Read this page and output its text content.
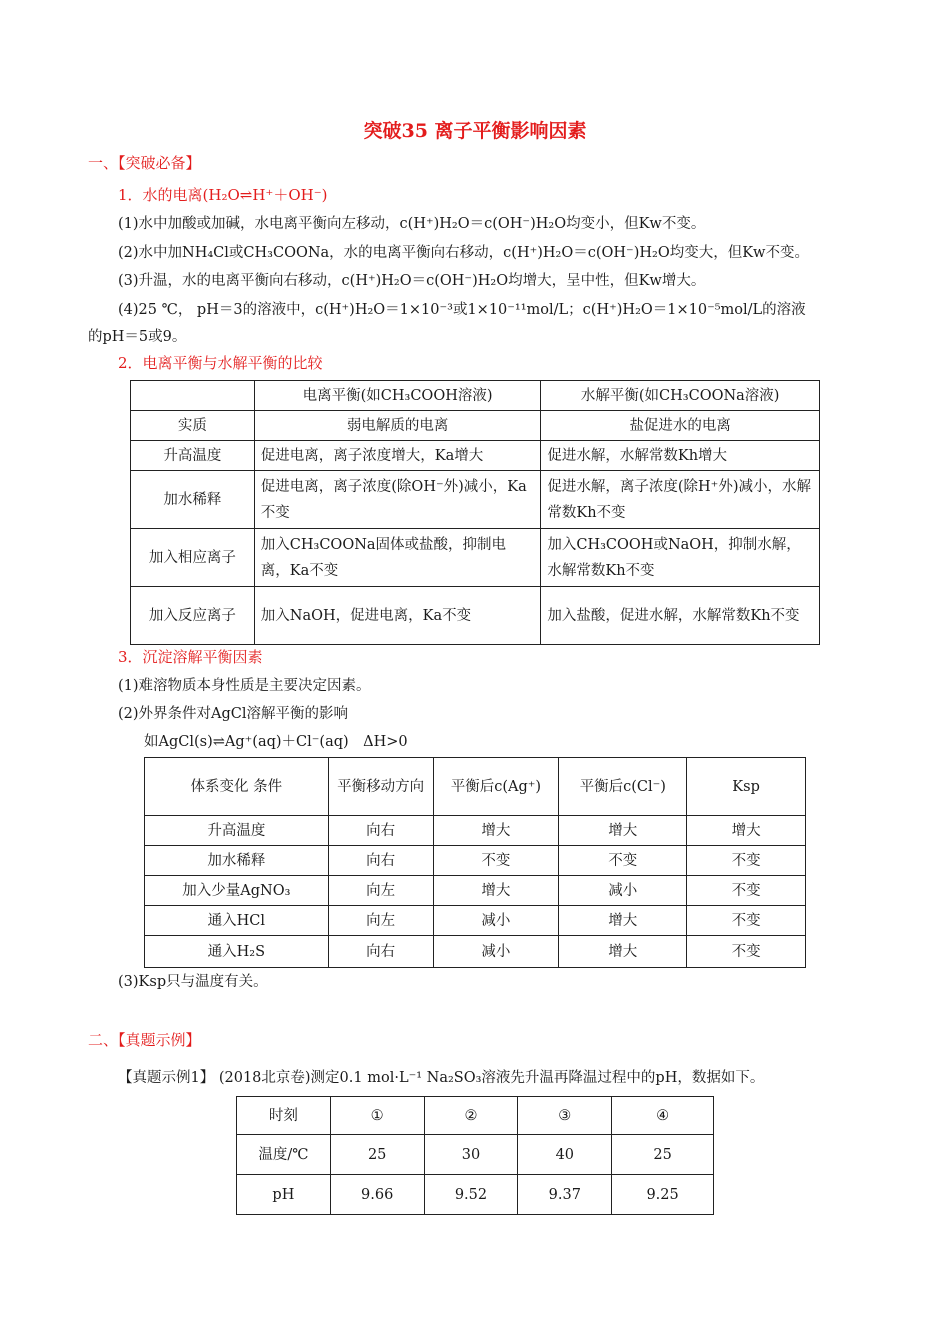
突破35 离子平衡影响因素
一、【突破必备】
1．水的电离(H₂O⇌H⁺＋OH⁻)
(1)水中加酸或加碱，水电离平衡向左移动，c(H⁺)H₂O＝c(OH⁻)H₂O均变小，但Kw不变。
(2)水中加NH₄Cl或CH₃COONa，水的电离平衡向右移动，c(H⁺)H₂O＝c(OH⁻)H₂O均变大，但Kw不变。
(3)升温，水的电离平衡向右移动，c(H⁺)H₂O＝c(OH⁻)H₂O均增大，呈中性，但Kw增大。
(4)25 ℃， pH＝3的溶液中，c(H⁺)H₂O＝1×10⁻³或1×10⁻¹¹mol/L；c(H⁺)H₂O＝1×10⁻⁵mol/L的溶液
的pH＝5或9。
2．电离平衡与水解平衡的比较
	电离平衡(如CH₃COOH溶液)	水解平衡(如CH₃COONa溶液)
实质	弱电解质的电离	盐促进水的电离
升高温度	促进电离，离子浓度增大，Ka增大	促进水解，水解常数Kh增大
加水稀释	促进电离，离子浓度(除OH⁻外)减小，Ka不变	促进水解，离子浓度(除H⁺外)减小，水解常数Kh不变
加入相应离子	加入CH₃COONa固体或盐酸，抑制电离，Ka不变	加入CH₃COOH或NaOH，抑制水解，水解常数Kh不变
加入反应离子	加入NaOH，促进电离，Ka不变	加入盐酸，促进水解，水解常数Kh不变
3．沉淀溶解平衡因素
(1)难溶物质本身性质是主要决定因素。
(2)外界条件对AgCl溶解平衡的影响
如AgCl(s)⇌Ag⁺(aq)＋Cl⁻(aq)　ΔH>0
体系变化 条件	平衡移动方向	平衡后c(Ag⁺)	平衡后c(Cl⁻)	Ksp
升高温度	向右	增大	增大	增大
加水稀释	向右	不变	不变	不变
加入少量AgNO₃	向左	增大	减小	不变
通入HCl	向左	减小	增大	不变
通入H₂S	向右	减小	增大	不变
(3)Ksp只与温度有关。
二、【真题示例】
【真题示例1】 (2018北京卷)测定0.1 mol·L⁻¹ Na₂SO₃溶液先升温再降温过程中的pH，数据如下。
时刻	①	②	③	④
温度/℃	25	30	40	25
pH	9.66	9.52	9.37	9.25
